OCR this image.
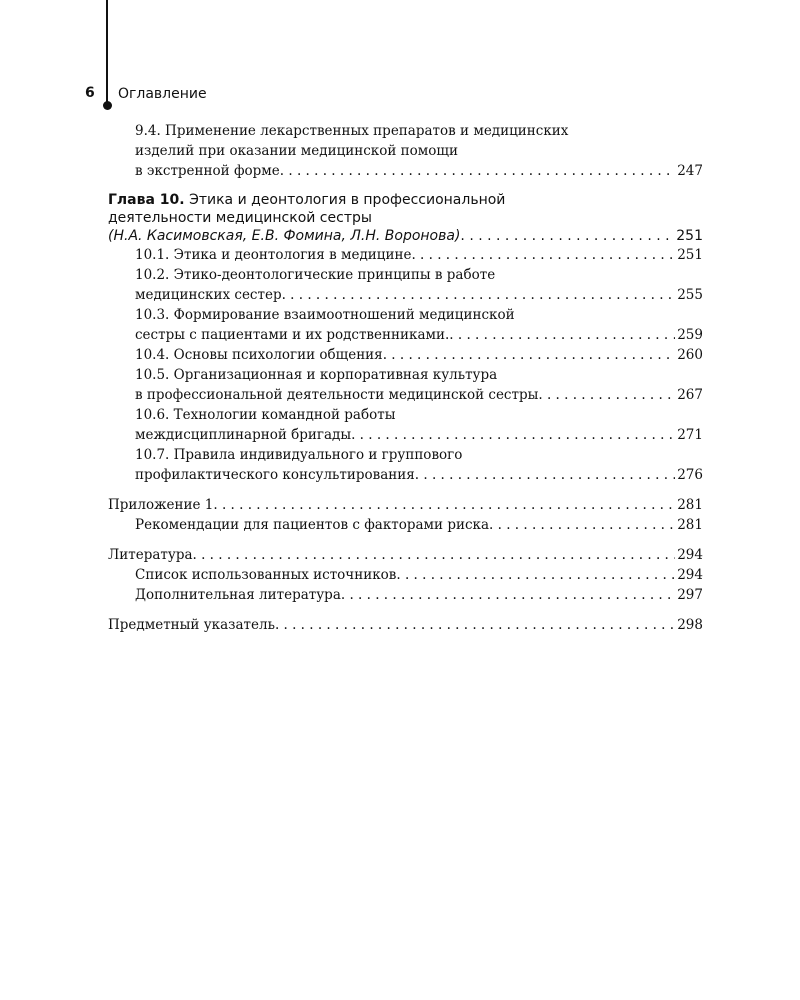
6 Оглавление
9.4. Применение лекарственных препаратов и медицинских
изделий при оказании медицинской помощи
в экстренной форме . . .	247
Глава 10. Этика и деонтология в профессиональной
деятельности медицинской сестры
(Н.А. Касимовская, Е.В. Фомина, Л.Н. Воронова) . . .	251
10.1. Этика и деонтология в медицине . . .	251
10.2. Этико-деонтологические принципы в работе
медицинских сестер . . .	255
10.3. Формирование взаимоотношений медицинской
сестры с пациентами и их родственниками. . . .	259
10.4. Основы психологии общения . . .	260
10.5. Организационная и корпоративная культура
в профессиональной деятельности медицинской сестры . . .	267
10.6. Технологии командной работы
междисциплинарной бригады . . .	271
10.7. Правила индивидуального и группового
профилактического консультирования . . .	276
Приложение 1 . . .	281
Рекомендации для пациентов с факторами риска . . .	281
Литература . . .	294
Список использованных источников . . .	294
Дополнительная литература . . .	297
Предметный указатель . . .	298
